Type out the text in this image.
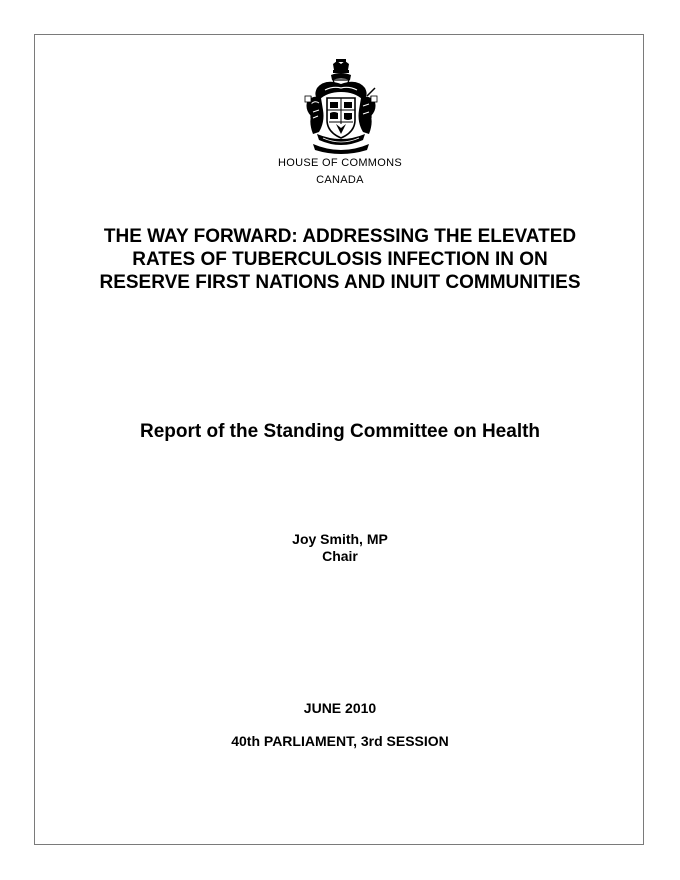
HOUSE OF COMMONS
CANADA
THE WAY FORWARD: ADDRESSING THE ELEVATED RATES OF TUBERCULOSIS INFECTION IN ON RESERVE FIRST NATIONS AND INUIT COMMUNITIES
Report of the Standing Committee on Health
Joy Smith, MP
Chair
JUNE 2010
40th PARLIAMENT, 3rd SESSION
